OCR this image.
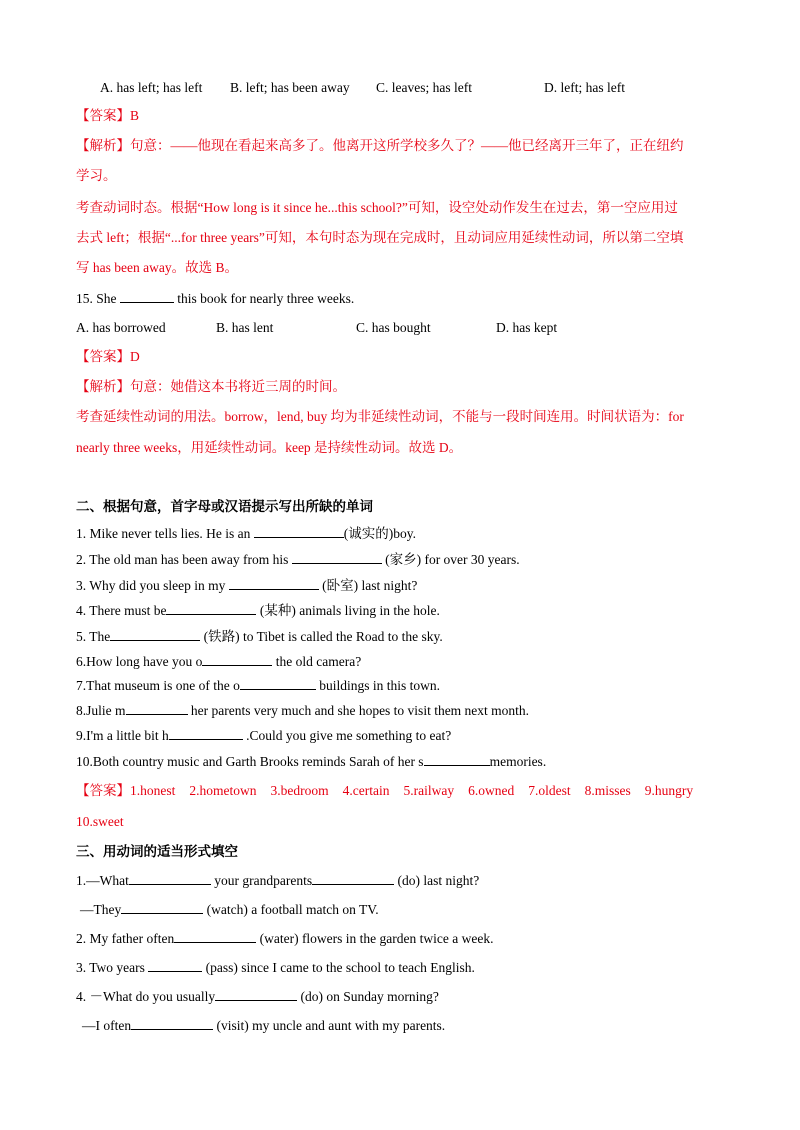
A. has left; has left B. left; has been away C. leaves; has left	D. left; has left
【答案】B
【解析】句意：——他现在看起来高多了。他离开这所学校多久了？——他已经离开三年了，正在纽约
学习。
考查动词时态。根据“How long is it since he...this school?”可知，设空处动作发生在过去，第一空应用过
去式 left；根据“...for three years”可知，本句时态为现在完成时，且动词应用延续性动词，所以第二空填
写 has been away。故选 B。
15. She	this book for nearly three weeks.
A. has borrowed	B. has lent	C. has bought	D. has kept
【答案】D
【解析】句意：她借这本书将近三周的时间。
考查延续性动词的用法。borrow，lend, buy 均为非延续性动词，不能与一段时间连用。时间状语为：for
nearly three weeks，用延续性动词。keep 是持续性动词。故选 D。
二、根据句意，首字母或汉语提示写出所缺的单词
1. Mike never tells lies. He is an	(诚实的)boy.
2. The old man has been away from his	(家乡) for over 30 years.
3. Why did you sleep in my	(卧室) last night?
4. There must be	(某种) animals living in the hole.
5. The	(铁路) to Tibet is called the Road to the sky.
6.How long have you o	the old camera?
7.That museum is one of the o	buildings in this town.
8.Julie m	her parents very much and she hopes to visit them next month.
9.I'm a little bit h	.Could you give me something to eat?
10.Both country music and Garth Brooks reminds Sarah of her s	memories.
【答案】1.honest 2.hometown 3.bedroom 4.certain 5.railway 6.owned 7.oldest 8.misses 9.hungry
10.sweet
三、用动词的适当形式填空
1.—What	your grandparents	(do) last night?
—They	(watch) a football match on TV.
2. My father often	(water) flowers in the garden twice a week.
3. Two years	(pass) since I came to the school to teach English.
4. －What do you usually	(do) on Sunday morning?
—I often	(visit) my uncle and aunt with my parents.
